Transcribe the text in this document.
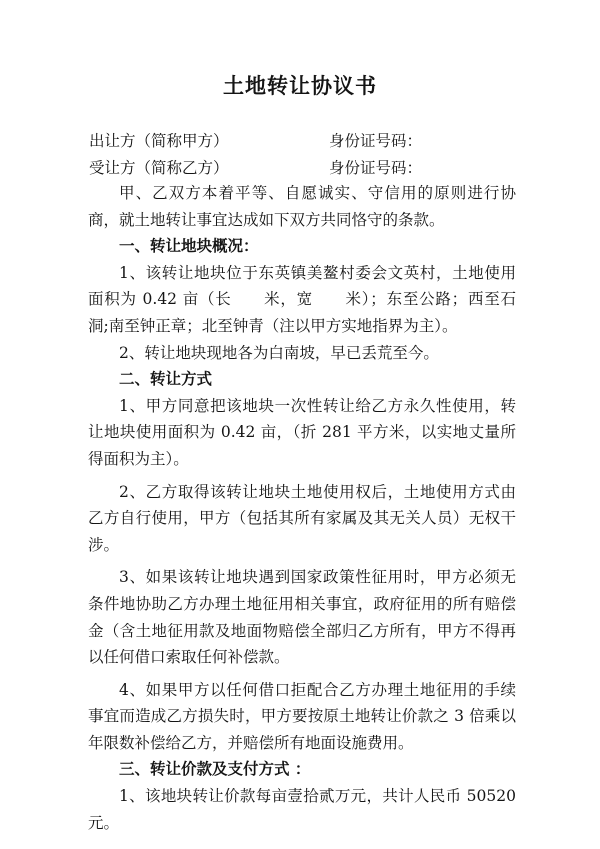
土地转让协议书
出让方（简称甲方）	身份证号码：
受让方（简称乙方）	身份证号码：

甲、乙双方本着平等、自愿诚实、守信用的原则进行协商，就土地转让事宜达成如下双方共同恪守的条款。

一、转让地块概况：

1、该转让地块位于东英镇美鳌村委会文英村，土地使用面积为 0.42 亩（长　　米，宽　　米）；东至公路；西至石洞;南至钟正章；北至钟青（注以甲方实地指界为主）。

2、转让地块现地各为白南坡，早已丢荒至今。

二、转让方式

1、甲方同意把该地块一次性转让给乙方永久性使用，转让地块使用面积为 0.42 亩，（折 281 平方米，以实地丈量所得面积为主）。

2、乙方取得该转让地块土地使用权后，土地使用方式由乙方自行使用，甲方（包括其所有家属及其无关人员）无权干涉。

3、如果该转让地块遇到国家政策性征用时，甲方必须无条件地协助乙方办理土地征用相关事宜，政府征用的所有赔偿金（含土地征用款及地面物赔偿全部归乙方所有，甲方不得再以任何借口索取任何补偿款。

4、如果甲方以任何借口拒配合乙方办理土地征用的手续事宜而造成乙方损失时，甲方要按原土地转让价款之 3 倍乘以年限数补偿给乙方，并赔偿所有地面设施费用。

三、转让价款及支付方式 ：

1、该地块转让价款每亩壹拾贰万元，共计人民币 50520 元。
